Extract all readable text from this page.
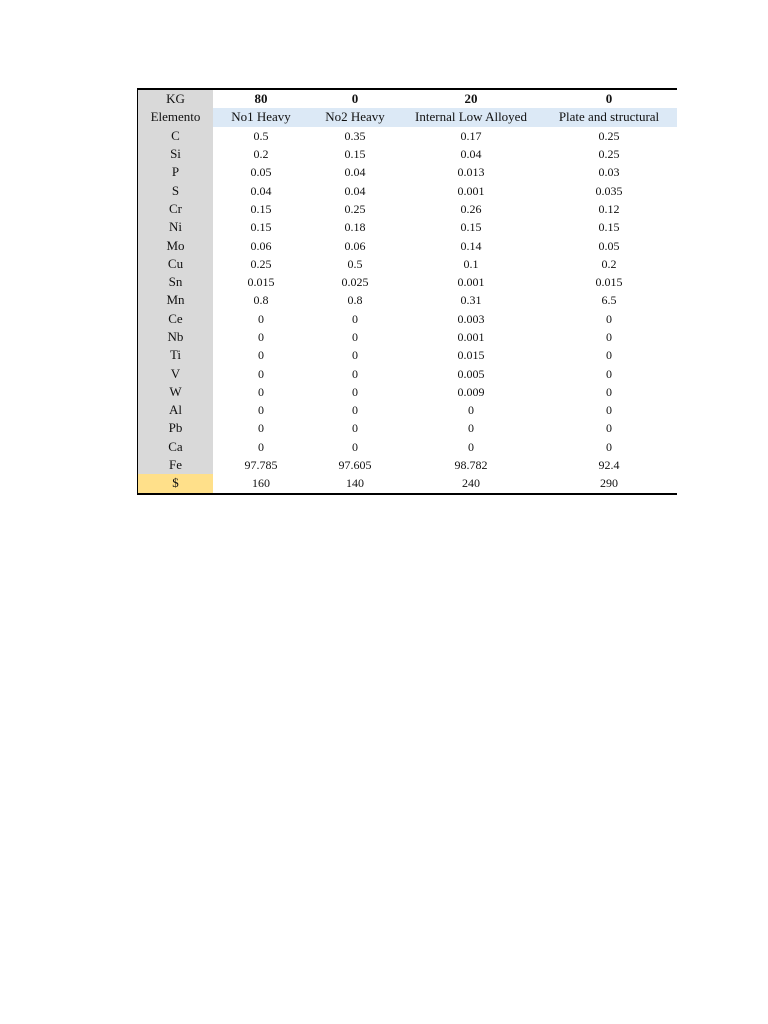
KG	80	0	20	0
Elemento	No1 Heavy	No2 Heavy	Internal Low Alloyed	Plate and structural
C	0.5	0.35	0.17	0.25
Si	0.2	0.15	0.04	0.25
P	0.05	0.04	0.013	0.03
S	0.04	0.04	0.001	0.035
Cr	0.15	0.25	0.26	0.12
Ni	0.15	0.18	0.15	0.15
Mo	0.06	0.06	0.14	0.05
Cu	0.25	0.5	0.1	0.2
Sn	0.015	0.025	0.001	0.015
Mn	0.8	0.8	0.31	6.5
Ce	0	0	0.003	0
Nb	0	0	0.001	0
Ti	0	0	0.015	0
V	0	0	0.005	0
W	0	0	0.009	0
Al	0	0	0	0
Pb	0	0	0	0
Ca	0	0	0	0
Fe	97.785	97.605	98.782	92.4
$	160	140	240	290
